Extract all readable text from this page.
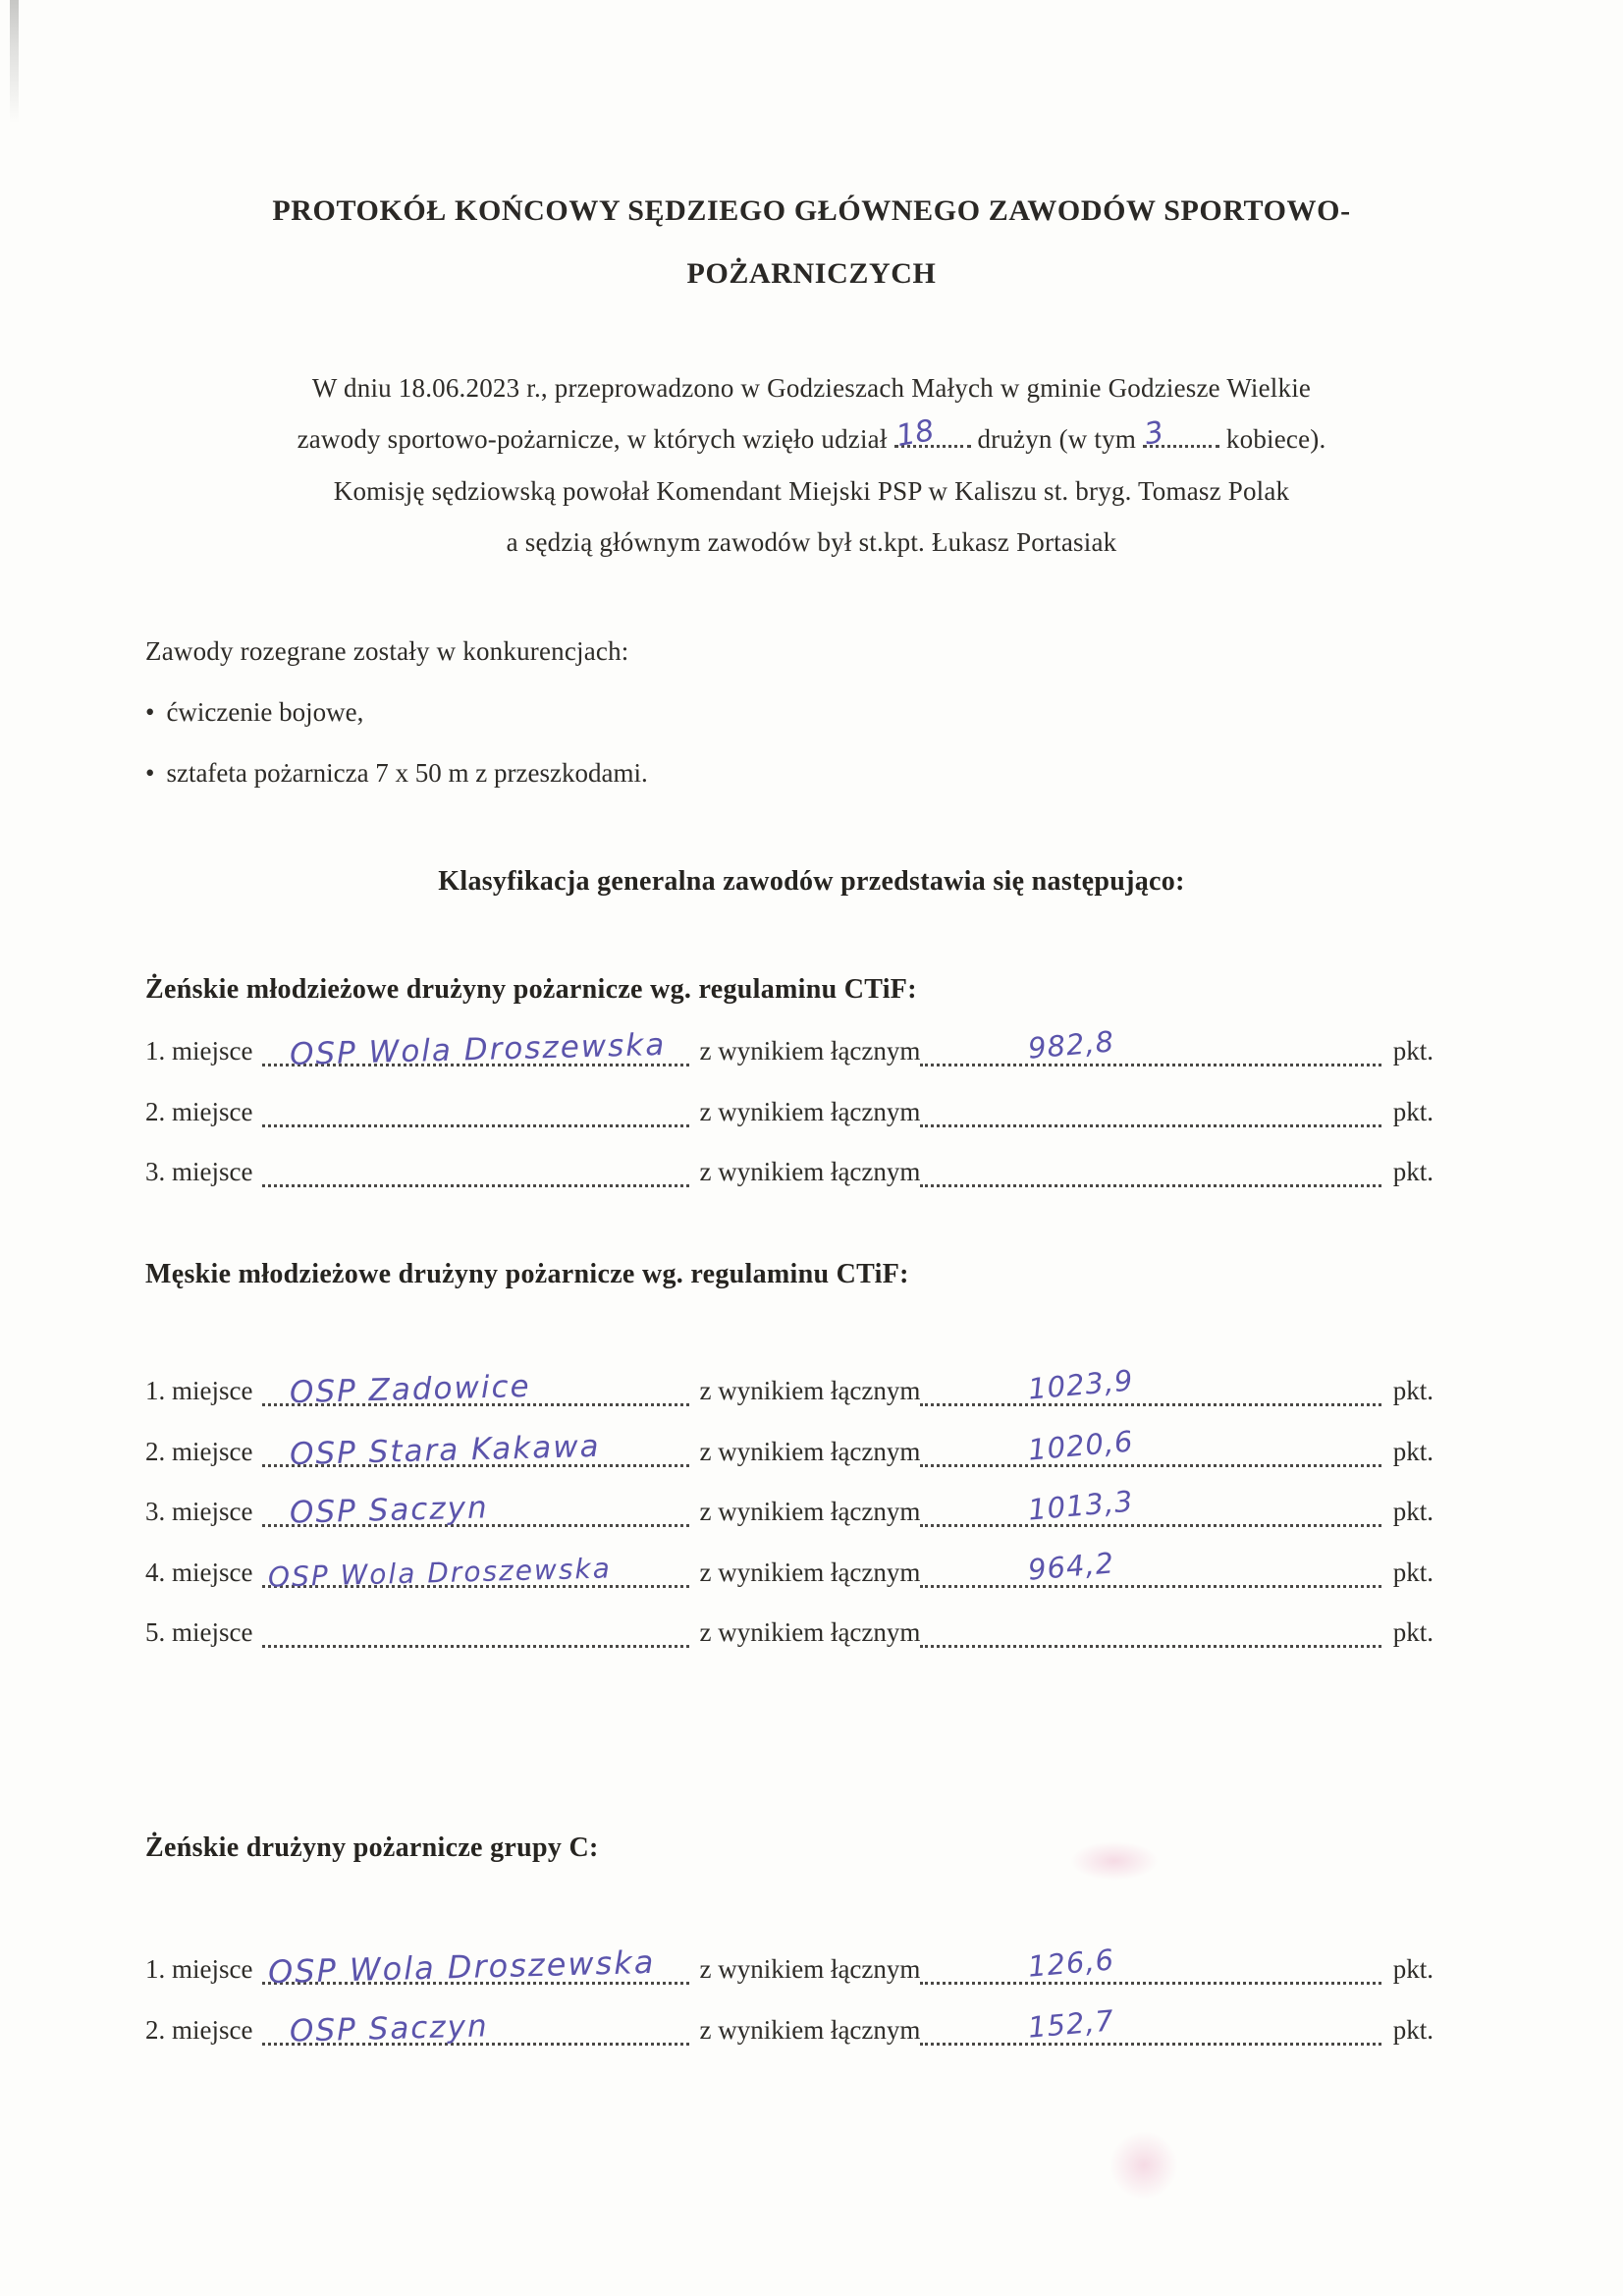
PROTOKÓŁ KOŃCOWY SĘDZIEGO GŁÓWNEGO ZAWODÓW SPORTOWO-
POŻARNICZYCH
W dniu 18.06.2023 r., przeprowadzono w Godzieszach Małych w gminie Godziesze Wielkie
zawody sportowo-pożarnicze, w których wzięło udział 18 drużyn (w tym 3 kobiece).
Komisję sędziowską powołał Komendant Miejski PSP w Kaliszu st. bryg. Tomasz Polak
a sędzią głównym zawodów był st.kpt. Łukasz Portasiak
Zawody rozegrane zostały w konkurencjach:
• ćwiczenie bojowe,
• sztafeta pożarnicza 7 x 50 m z przeszkodami.
Klasyfikacja generalna zawodów przedstawia się następująco:
Żeńskie młodzieżowe drużyny pożarnicze wg. regulaminu CTiF:
1. miejsce	OSP Wola Droszewska	z wynikiem łącznym	982,8	pkt.
2. miejsce	z wynikiem łącznym	pkt.
3. miejsce	z wynikiem łącznym	pkt.
Męskie młodzieżowe drużyny pożarnicze wg. regulaminu CTiF:
1. miejsce	OSP Zadowice	z wynikiem łącznym	1023,9	pkt.
2. miejsce	OSP Stara Kakawa	z wynikiem łącznym	1020,6	pkt.
3. miejsce	OSP Saczyn	z wynikiem łącznym	1013,3	pkt.
4. miejsce OSP Wola Droszewska	z wynikiem łącznym	964,2	pkt.
5. miejsce	z wynikiem łącznym	pkt.
Żeńskie drużyny pożarnicze grupy C:
1. miejsce OSP Wola Droszewska	z wynikiem łącznym	126,6	pkt.
2. miejsce	OSP Saczyn	z wynikiem łącznym	152,7	pkt.
